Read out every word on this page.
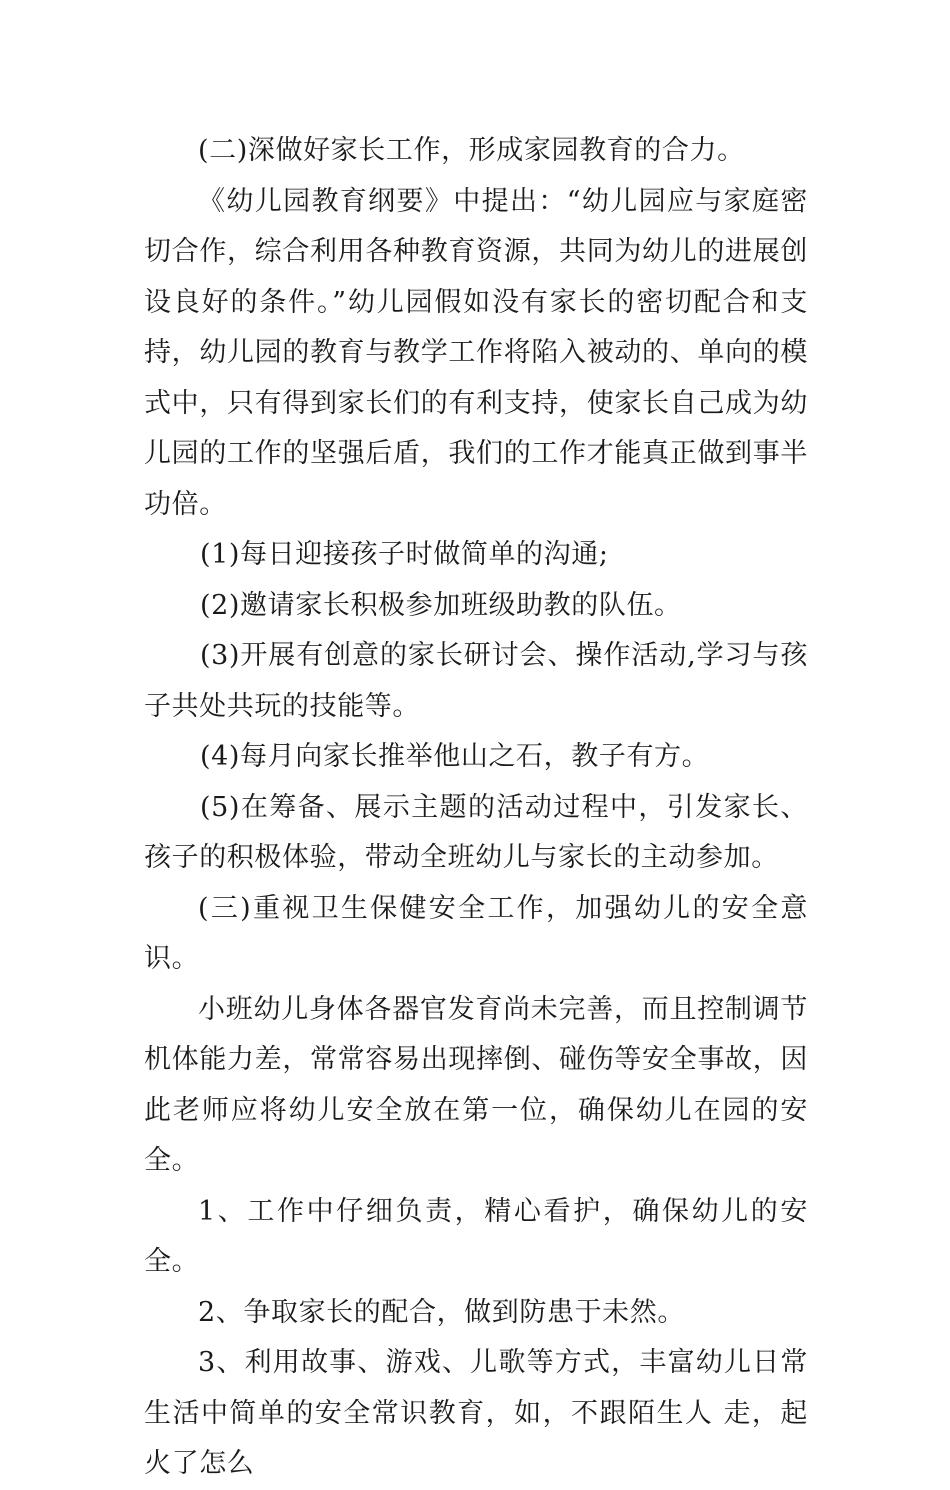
(二)深做好家长工作，形成家园教育的合力。

《幼儿园教育纲要》中提出：“幼儿园应与家庭密切合作，综合利用各种教育资源，共同为幼儿的进展创设良好的条件。”幼儿园假如没有家长的密切配合和支持，幼儿园的教育与教学工作将陷入被动的、单向的模式中，只有得到家长们的有利支持，使家长自己成为幼儿园的工作的坚强后盾，我们的工作才能真正做到事半功倍。

(1)每日迎接孩子时做简单的沟通;

(2)邀请家长积极参加班级助教的队伍。

(3)开展有创意的家长研讨会、操作活动,学习与孩子共处共玩的技能等。

(4)每月向家长推举他山之石，教子有方。

(5)在筹备、展示主题的活动过程中，引发家长、孩子的积极体验，带动全班幼儿与家长的主动参加。

(三)重视卫生保健安全工作，加强幼儿的安全意识。

小班幼儿身体各器官发育尚未完善，而且控制调节机体能力差，常常容易出现摔倒、碰伤等安全事故，因此老师应将幼儿安全放在第一位，确保幼儿在园的安全。

1、工作中仔细负责，精心看护，确保幼儿的安全。

2、争取家长的配合，做到防患于未然。

3、利用故事、游戏、儿歌等方式，丰富幼儿日常生活中简单的安全常识教育，如，不跟陌生人 走，起火了怎么
